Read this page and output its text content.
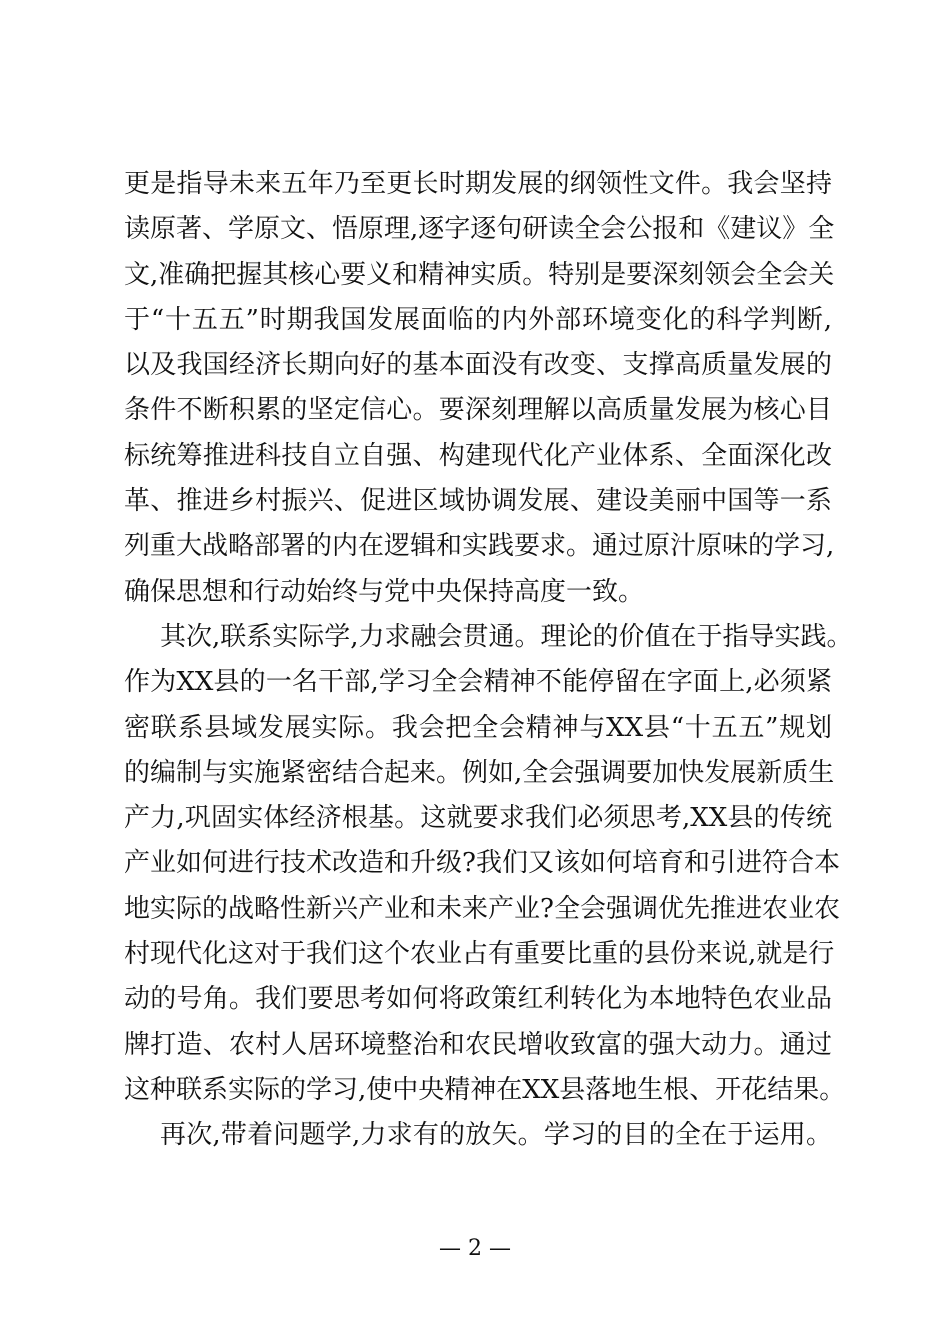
更是指导未来五年乃至更长时期发展的纲领性文件。我会坚持
读原著、学原文、悟原理,逐字逐句研读全会公报和《建议》全
文,准确把握其核心要义和精神实质。特别是要深刻领会全会关
于“十五五”时期我国发展面临的内外部环境变化的科学判断,
以及我国经济长期向好的基本面没有改变、支撑高质量发展的
条件不断积累的坚定信心。要深刻理解以高质量发展为核心目
标统筹推进科技自立自强、构建现代化产业体系、全面深化改
革、推进乡村振兴、促进区域协调发展、建设美丽中国等一系
列重大战略部署的内在逻辑和实践要求。通过原汁原味的学习,
确保思想和行动始终与党中央保持高度一致。
其次,联系实际学,力求融会贯通。理论的价值在于指导实践。
作为XX县的一名干部,学习全会精神不能停留在字面上,必须紧
密联系县域发展实际。我会把全会精神与XX县“十五五”规划
的编制与实施紧密结合起来。例如,全会强调要加快发展新质生
产力,巩固实体经济根基。这就要求我们必须思考,XX县的传统
产业如何进行技术改造和升级?我们又该如何培育和引进符合本
地实际的战略性新兴产业和未来产业?全会强调优先推进农业农
村现代化这对于我们这个农业占有重要比重的县份来说,就是行
动的号角。我们要思考如何将政策红利转化为本地特色农业品
牌打造、农村人居环境整治和农民增收致富的强大动力。通过
这种联系实际的学习,使中央精神在XX县落地生根、开花结果。
再次,带着问题学,力求有的放矢。学习的目的全在于运用。
— 2 —
